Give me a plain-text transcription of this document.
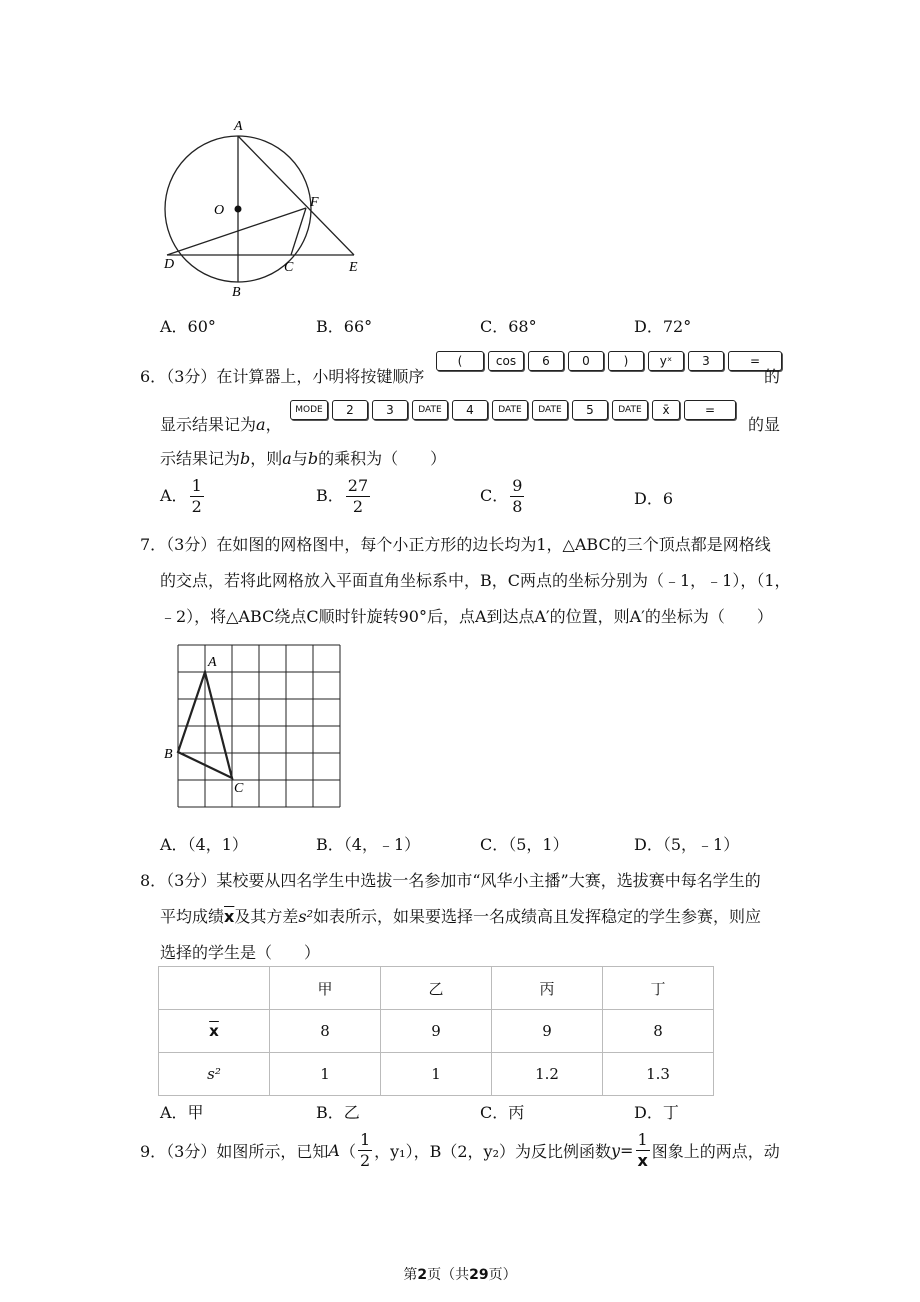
A
O
F
D	C	E
B
A．60°	B．66°	C．68°	D．72°
6．（3分）在计算器上，小明将按键顺序
(	cos	6	0	)	yˣ	3	=
的
显示结果记为a，
MODE	2	3	DATE	4	DATE	DATE	5	DATE	x̄	=
的显
示结果记为b，则a与b的乘积为（　　）
A． $\frac{1}{2}$	B． $\frac{27}{2}$	C． $\frac{9}{8}$	D．6
7．（3分）在如图的网格图中，每个小正方形的边长均为1，△ABC的三个顶点都是网格线
的交点，若将此网格放入平面直角坐标系中，B，C两点的坐标分别为（﹣1，﹣1），（1，
﹣2），将△ABC绕点C顺时针旋转90°后，点A到达点A′的位置，则A′的坐标为（　　）
A
B
C
A．（4，1）	B．（4，﹣1）	C．（5，1）	D．（5，﹣1）
8．（3分）某校要从四名学生中选拔一名参加市“风华小主播”大赛，选拔赛中每名学生的
平均成绩$\overline{x}$及其方差s²如表所示，如果要选择一名成绩高且发挥稳定的学生参赛，则应
选择的学生是（　　）
	甲	乙	丙	丁
$\overline{x}$	8	9	9	8
s²	1	1	1.2	1.3
A．甲	B．乙	C．丙	D．丁
9．（3分）如图所示，已知 A （ $\frac{1}{2}$ ，y₁）， B（2，y₂）为反比例函数 $y= \frac{1}{x}$ 图象上的两点，动
第2页（共29页）
